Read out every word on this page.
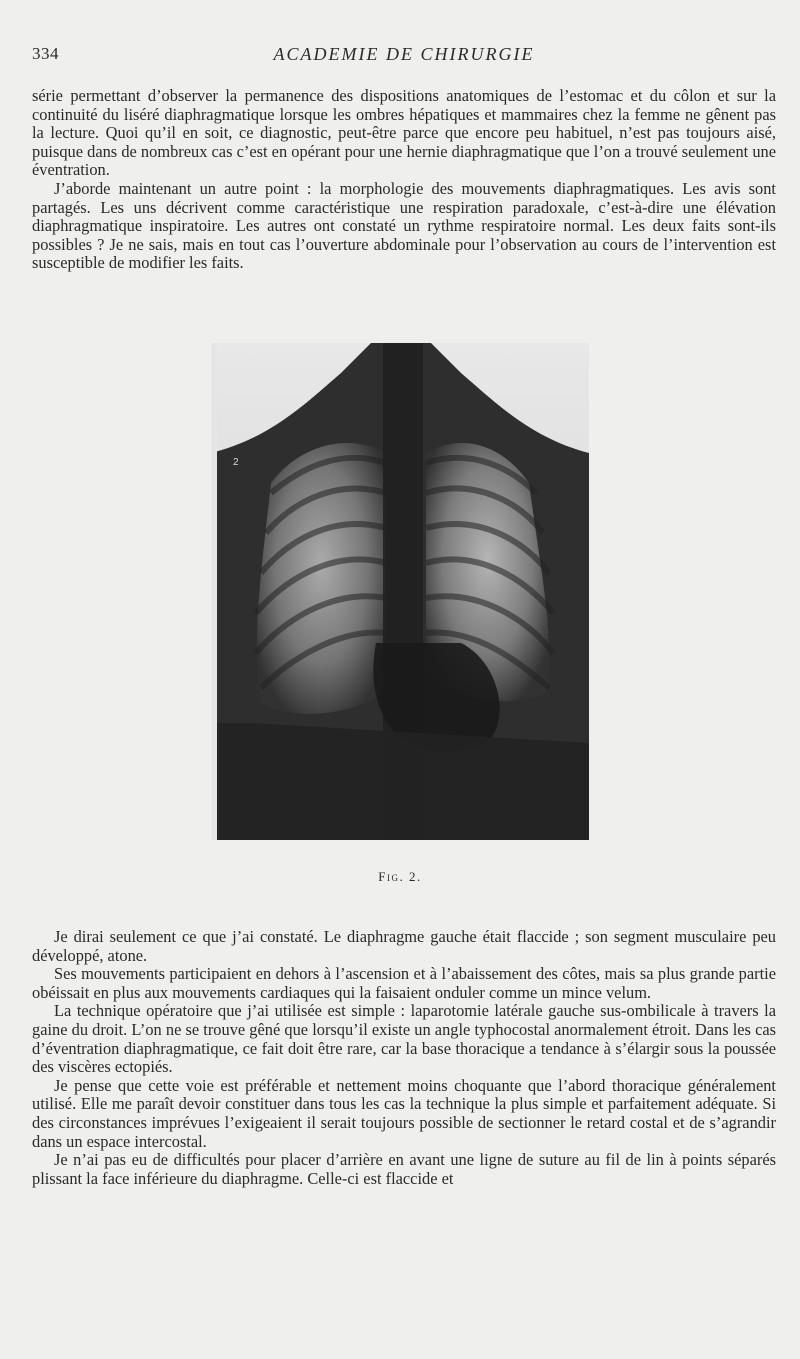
334	ACADEMIE DE CHIRURGIE

série permettant d’observer la permanence des dispositions anatomiques de l’estomac et du côlon et sur la continuité du liséré diaphragmatique lorsque les ombres hépatiques et mammaires chez la femme ne gênent pas la lecture. Quoi qu’il en soit, ce diagnostic, peut-être parce que encore peu habituel, n’est pas toujours aisé, puisque dans de nombreux cas c’est en opérant pour une hernie diaphragmatique que l’on a trouvé seulement une éventration.

J’aborde maintenant un autre point : la morphologie des mouvements diaphragmatiques. Les avis sont partagés. Les uns décrivent comme caractéristique une respiration paradoxale, c’est-à-dire une élévation diaphragmatique inspiratoire. Les autres ont constaté un rythme respiratoire normal. Les deux faits sont-ils possibles ? Je ne sais, mais en tout cas l’ouverture abdominale pour l’observation au cours de l’intervention est susceptible de modifier les faits.

2
Fig. 2.

Je dirai seulement ce que j’ai constaté. Le diaphragme gauche était flaccide ; son segment musculaire peu développé, atone.

Ses mouvements participaient en dehors à l’ascension et à l’abaissement des côtes, mais sa plus grande partie obéissait en plus aux mouvements cardiaques qui la faisaient onduler comme un mince velum.

La technique opératoire que j’ai utilisée est simple : laparotomie latérale gauche sus-ombilicale à travers la gaine du droit. L’on ne se trouve gêné que lorsqu’il existe un angle typhocostal anormalement étroit. Dans les cas d’éventration diaphragmatique, ce fait doit être rare, car la base thoracique a tendance à s’élargir sous la poussée des viscères ectopiés.

Je pense que cette voie est préférable et nettement moins choquante que l’abord thoracique généralement utilisé. Elle me paraît devoir constituer dans tous les cas la technique la plus simple et parfaitement adéquate. Si des circonstances imprévues l’exigeaient il serait toujours possible de sectionner le retard costal et de s’agrandir dans un espace intercostal.

Je n’ai pas eu de difficultés pour placer d’arrière en avant une ligne de suture au fil de lin à points séparés plissant la face inférieure du diaphragme. Celle-ci est flaccide et
